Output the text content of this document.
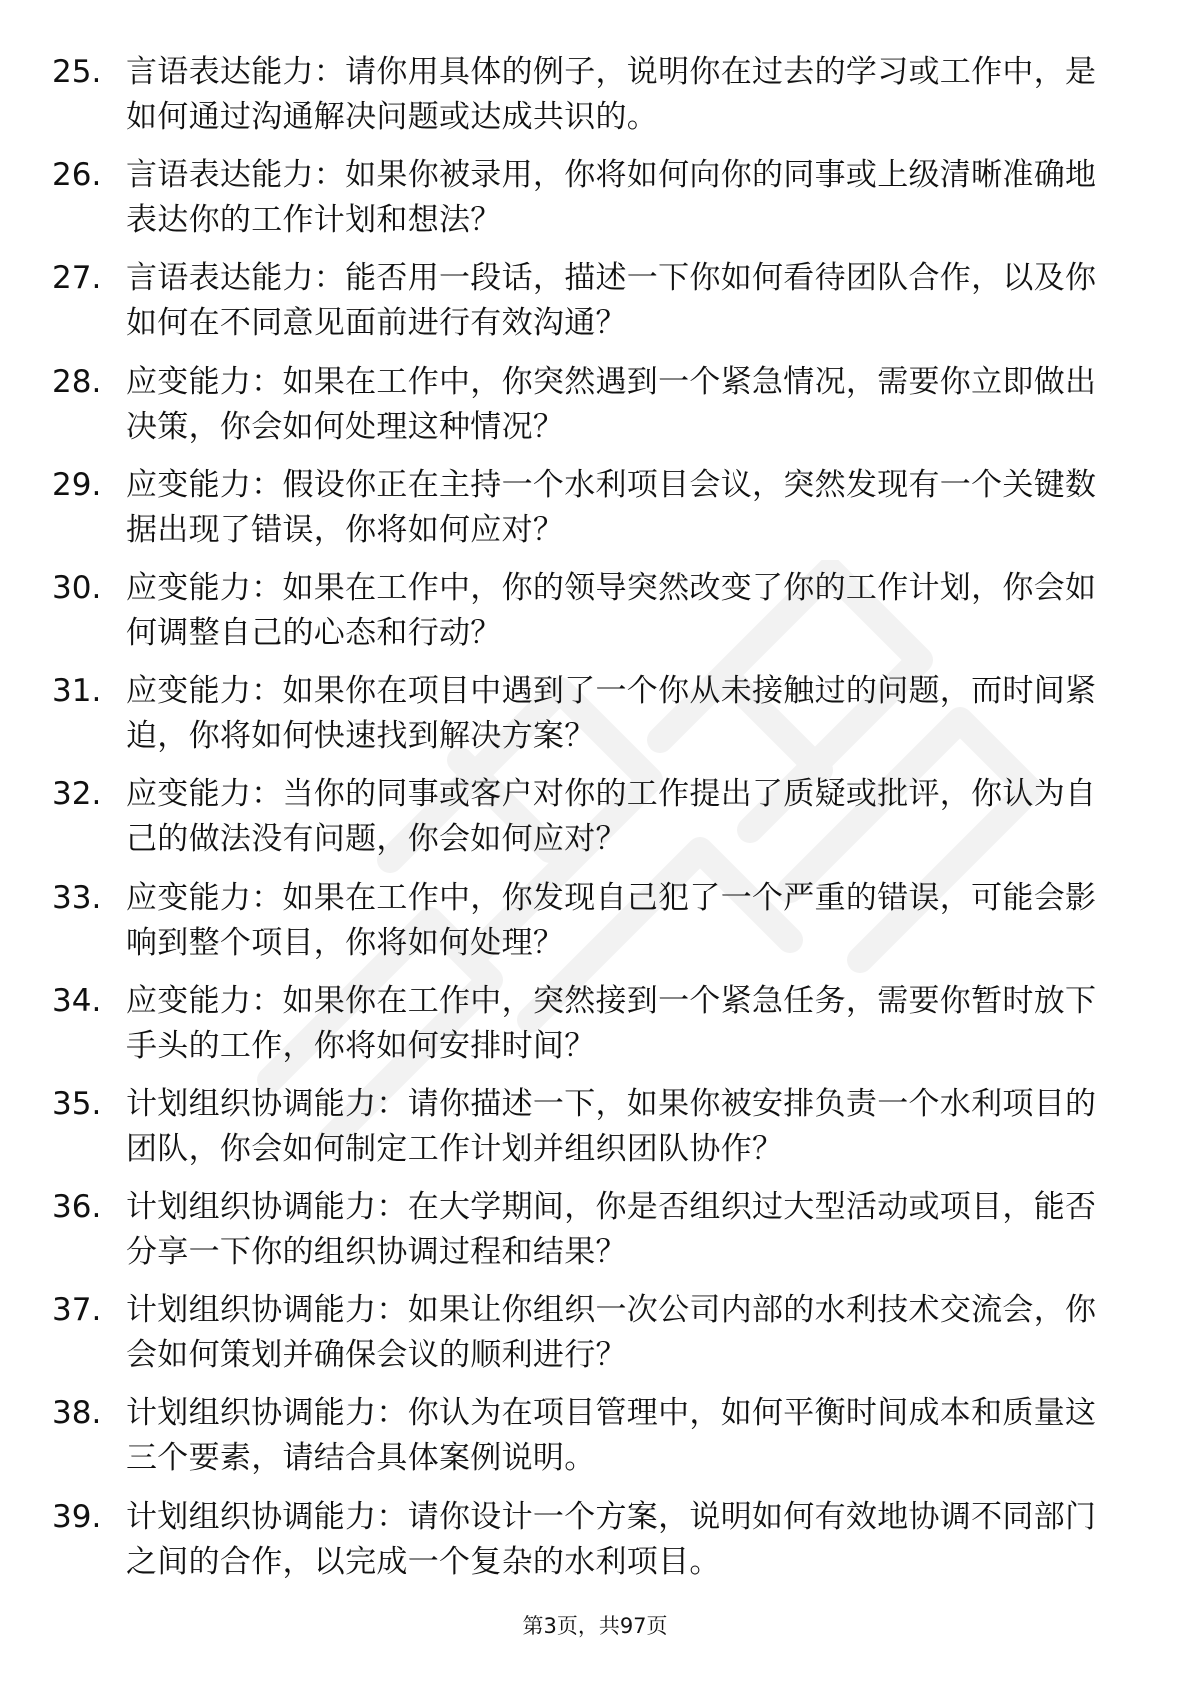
25. 言语表达能力：请你用具体的例子，说明你在过去的学习或工作中，是如何通过沟通解决问题或达成共识的。
26. 言语表达能力：如果你被录用，你将如何向你的同事或上级清晰准确地表达你的工作计划和想法？
27. 言语表达能力：能否用一段话，描述一下你如何看待团队合作，以及你如何在不同意见面前进行有效沟通？
28. 应变能力：如果在工作中，你突然遇到一个紧急情况，需要你立即做出决策，你会如何处理这种情况？
29. 应变能力：假设你正在主持一个水利项目会议，突然发现有一个关键数据出现了错误，你将如何应对？
30. 应变能力：如果在工作中，你的领导突然改变了你的工作计划，你会如何调整自己的心态和行动？
31. 应变能力：如果你在项目中遇到了一个你从未接触过的问题，而时间紧迫，你将如何快速找到解决方案？
32. 应变能力：当你的同事或客户对你的工作提出了质疑或批评，你认为自己的做法没有问题，你会如何应对？
33. 应变能力：如果在工作中，你发现自己犯了一个严重的错误，可能会影响到整个项目，你将如何处理？
34. 应变能力：如果你在工作中，突然接到一个紧急任务，需要你暂时放下手头的工作，你将如何安排时间？
35. 计划组织协调能力：请你描述一下，如果你被安排负责一个水利项目的团队，你会如何制定工作计划并组织团队协作？
36. 计划组织协调能力：在大学期间，你是否组织过大型活动或项目，能否分享一下你的组织协调过程和结果？
37. 计划组织协调能力：如果让你组织一次公司内部的水利技术交流会，你会如何策划并确保会议的顺利进行？
38. 计划组织协调能力：你认为在项目管理中，如何平衡时间成本和质量这三个要素，请结合具体案例说明。
39. 计划组织协调能力：请你设计一个方案，说明如何有效地协调不同部门之间的合作，以完成一个复杂的水利项目。
第3页，共97页
